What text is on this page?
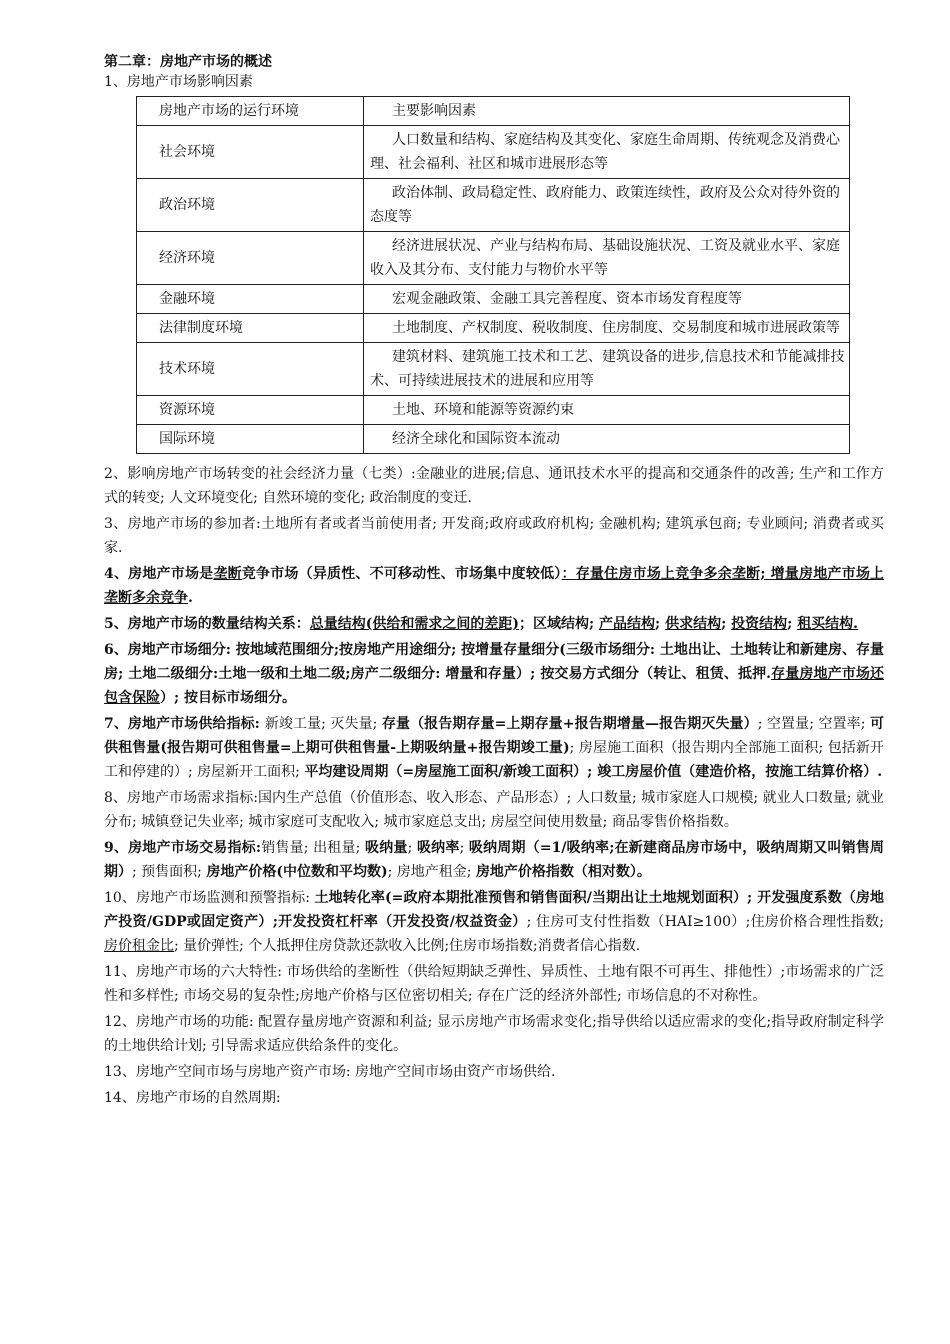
第二章：房地产市场的概述
1、房地产市场影响因素
房地产市场的运行环境	主要影响因素
社会环境	人口数量和结构、家庭结构及其变化、家庭生命周期、传统观念及消费心理、社会福利、社区和城市进展形态等
政治环境	政治体制、政局稳定性、政府能力、政策连续性，政府及公众对待外资的态度等
经济环境	经济进展状况、产业与结构布局、基础设施状况、工资及就业水平、家庭收入及其分布、支付能力与物价水平等
金融环境	宏观金融政策、金融工具完善程度、资本市场发育程度等
法律制度环境	土地制度、产权制度、税收制度、住房制度、交易制度和城市进展政策等
技术环境	建筑材料、建筑施工技术和工艺、建筑设备的进步,信息技术和节能减排技术、可持续进展技术的进展和应用等
资源环境	土地、环境和能源等资源约束
国际环境	经济全球化和国际资本流动
2、影响房地产市场转变的社会经济力量（七类）:金融业的进展;信息、通讯技术水平的提高和交通条件的改善; 生产和工作方式的转变; 人文环境变化; 自然环境的变化; 政治制度的变迁.
3、房地产市场的参加者:土地所有者或者当前使用者; 开发商;政府或政府机构; 金融机构; 建筑承包商; 专业顾问; 消费者或买家.
4、房地产市场是垄断竞争市场（异质性、不可移动性、市场集中度较低）：存量住房市场上竞争多余垄断; 增量房地产市场上垄断多余竞争.
5、房地产市场的数量结构关系：总量结构(供给和需求之间的差距)；区域结构; 产品结构; 供求结构; 投资结构; 租买结构.
6、房地产市场细分: 按地域范围细分;按房地产用途细分; 按增量存量细分(三级市场细分: 土地出让、土地转让和新建房、存量房; 土地二级细分:土地一级和土地二级;房产二级细分: 增量和存量）; 按交易方式细分（转让、租赁、抵押.存量房地产市场还包含保险）; 按目标市场细分。
7、房地产市场供给指标: 新竣工量; 灭失量; 存量（报告期存量=上期存量+报告期增量—报告期灭失量）; 空置量; 空置率; 可供租售量(报告期可供租售量=上期可供租售量-上期吸纳量+报告期竣工量); 房屋施工面积（报告期内全部施工面积; 包括新开工和停建的）; 房屋新开工面积; 平均建设周期（=房屋施工面积/新竣工面积）; 竣工房屋价值（建造价格，按施工结算价格）.
8、房地产市场需求指标:国内生产总值（价值形态、收入形态、产品形态）; 人口数量; 城市家庭人口规模; 就业人口数量; 就业分布; 城镇登记失业率; 城市家庭可支配收入; 城市家庭总支出; 房屋空间使用数量; 商品零售价格指数。
9、房地产市场交易指标:销售量; 出租量; 吸纳量; 吸纳率; 吸纳周期（=1/吸纳率;在新建商品房市场中，吸纳周期又叫销售周期）; 预售面积; 房地产价格(中位数和平均数); 房地产租金; 房地产价格指数（相对数）。
10、房地产市场监测和预警指标: 土地转化率(=政府本期批准预售和销售面积/当期出让土地规划面积）; 开发强度系数（房地产投资/GDP或固定资产）;开发投资杠杆率（开发投资/权益资金）; 住房可支付性指数（HAI≥100）;住房价格合理性指数; 房价租金比; 量价弹性; 个人抵押住房贷款还款收入比例;住房市场指数;消费者信心指数.
11、房地产市场的六大特性: 市场供给的垄断性（供给短期缺乏弹性、异质性、土地有限不可再生、排他性）;市场需求的广泛性和多样性; 市场交易的复杂性;房地产价格与区位密切相关; 存在广泛的经济外部性; 市场信息的不对称性。
12、房地产市场的功能: 配置存量房地产资源和利益; 显示房地产市场需求变化;指导供给以适应需求的变化;指导政府制定科学的土地供给计划; 引导需求适应供给条件的变化。
13、房地产空间市场与房地产资产市场: 房地产空间市场由资产市场供给.
14、房地产市场的自然周期:
